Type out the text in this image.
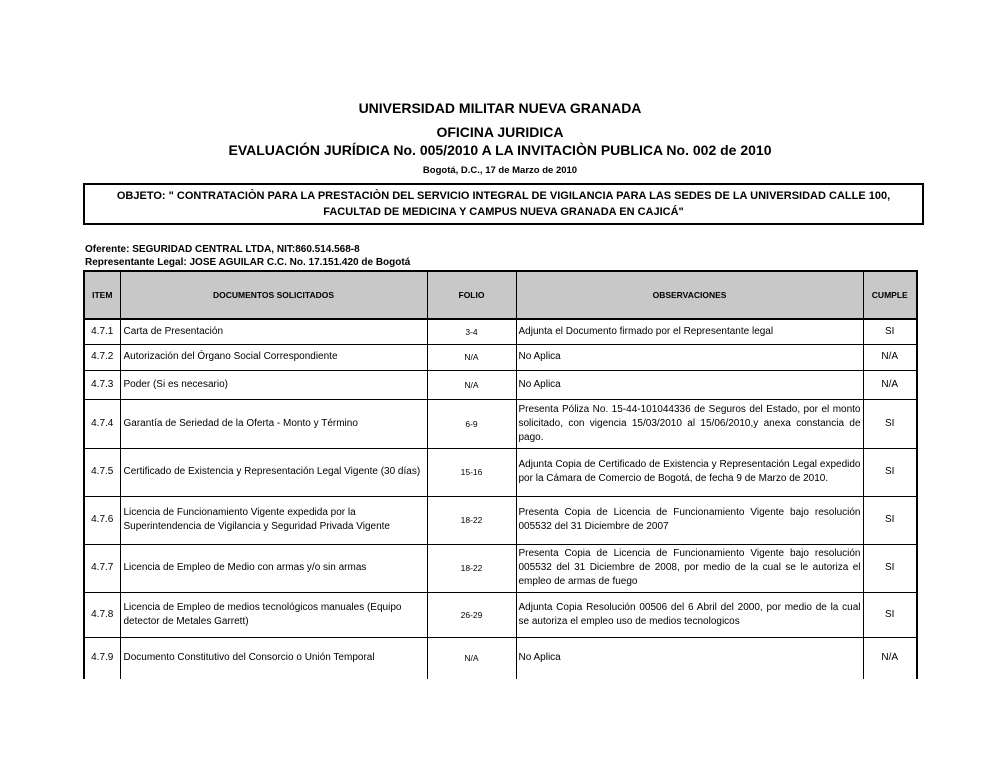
UNIVERSIDAD MILITAR NUEVA GRANADA
OFICINA JURIDICA
EVALUACIÓN JURÍDICA No. 005/2010 A LA INVITACIÒN PUBLICA No. 002 de 2010
Bogotá, D.C., 17 de Marzo de 2010
OBJETO: " CONTRATACIÒN PARA LA PRESTACIÒN DEL SERVICIO INTEGRAL DE VIGILANCIA PARA LAS SEDES DE LA UNIVERSIDAD CALLE 100, FACULTAD DE MEDICINA Y CAMPUS NUEVA GRANADA EN CAJICÁ"
Oferente: SEGURIDAD CENTRAL LTDA, NIT:860.514.568-8
Representante Legal: JOSE AGUILAR C.C. No. 17.151.420 de Bogotá
ITEM	DOCUMENTOS SOLICITADOS	FOLIO	OBSERVACIONES	CUMPLE
4.7.1	Carta de Presentación	3-4	Adjunta el Documento firmado por el Representante legal	SI
4.7.2	Autorización del Órgano Social Correspondiente	N/A	No Aplica	N/A
4.7.3	Poder (Si es necesario)	N/A	No Aplica	N/A
4.7.4	Garantía de Seriedad de la Oferta - Monto y Término	6-9	Presenta Póliza No. 15-44-101044336 de Seguros del Estado, por el monto solicitado, con vigencia 15/03/2010 al 15/06/2010,y anexa constancia de pago.	SI
4.7.5	Certificado de Existencia y Representación Legal Vigente (30 días)	15-16	Adjunta Copia de Certificado de Existencia y Representación Legal expedido por la Cámara de Comercio de Bogotá, de fecha 9 de Marzo de 2010.	SI
4.7.6	Licencia de Funcionamiento Vigente expedida por la Superintendencia de Vigilancia y Seguridad Privada Vigente	18-22	Presenta Copia de Licencia de Funcionamiento Vigente bajo resolución 005532 del 31 Diciembre de 2007	SI
4.7.7	Licencia de Empleo de Medio con armas y/o sin armas	18-22	Presenta Copia de Licencia de Funcionamiento Vigente bajo resolución 005532 del 31 Diciembre de 2008, por medio de la cual se le autoriza el empleo de armas de fuego	SI
4.7.8	Licencia de Empleo de medios tecnológicos manuales (Equipo detector de Metales Garrett)	26-29	Adjunta Copia Resolución 00506 del 6 Abril del 2000, por medio de la cual se autoriza el empleo uso de medios tecnologicos	SI
4.7.9	Documento Constitutivo del Consorcio o Unión Temporal	N/A	No Aplica	N/A
